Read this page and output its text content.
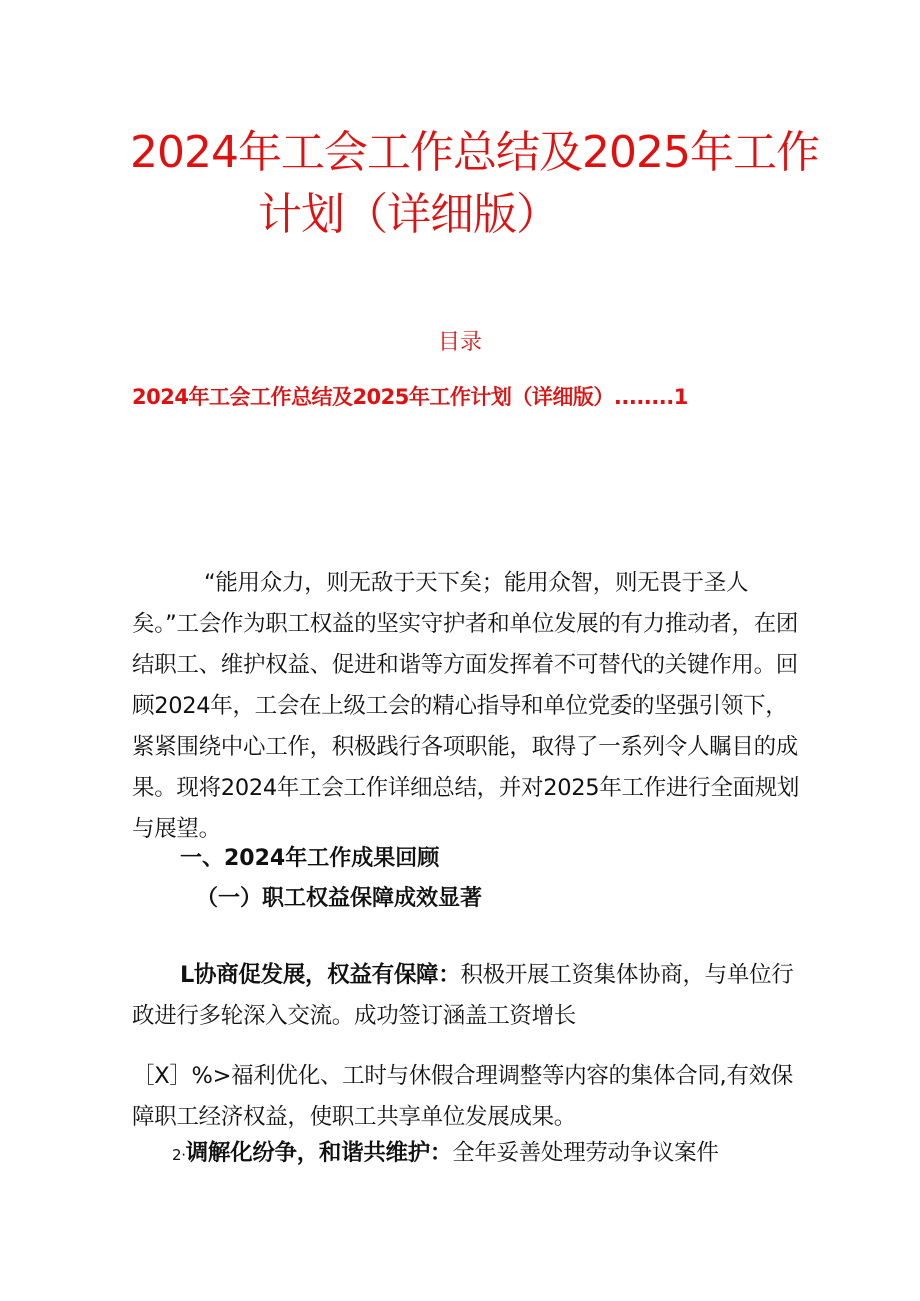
2024年工会工作总结及2025年工作
计划（详细版）
目录
2024年工会工作总结及2025年工作计划（详细版）........1

“能用众力，则无敌于天下矣；能用众智，则无畏于圣人矣。”工会作为职工权益的坚实守护者和单位发展的有力推动者，在团结职工、维护权益、促进和谐等方面发挥着不可替代的关键作用。回顾2024年，工会在上级工会的精心指导和单位党委的坚强引领下，紧紧围绕中心工作，积极践行各项职能，取得了一系列令人瞩目的成果。现将2024年工会工作详细总结，并对2025年工作进行全面规划与展望。

一、2024年工作成果回顾
（一）职工权益保障成效显著

L协商促发展，权益有保障：积极开展工资集体协商，与单位行政进行多轮深入交流。成功签订涵盖工资增长

［X］%>福利优化、工时与休假合理调整等内容的集体合同,有效保障职工经济权益，使职工共享单位发展成果。

2·调解化纷争，和谐共维护：全年妥善处理劳动争议案件
